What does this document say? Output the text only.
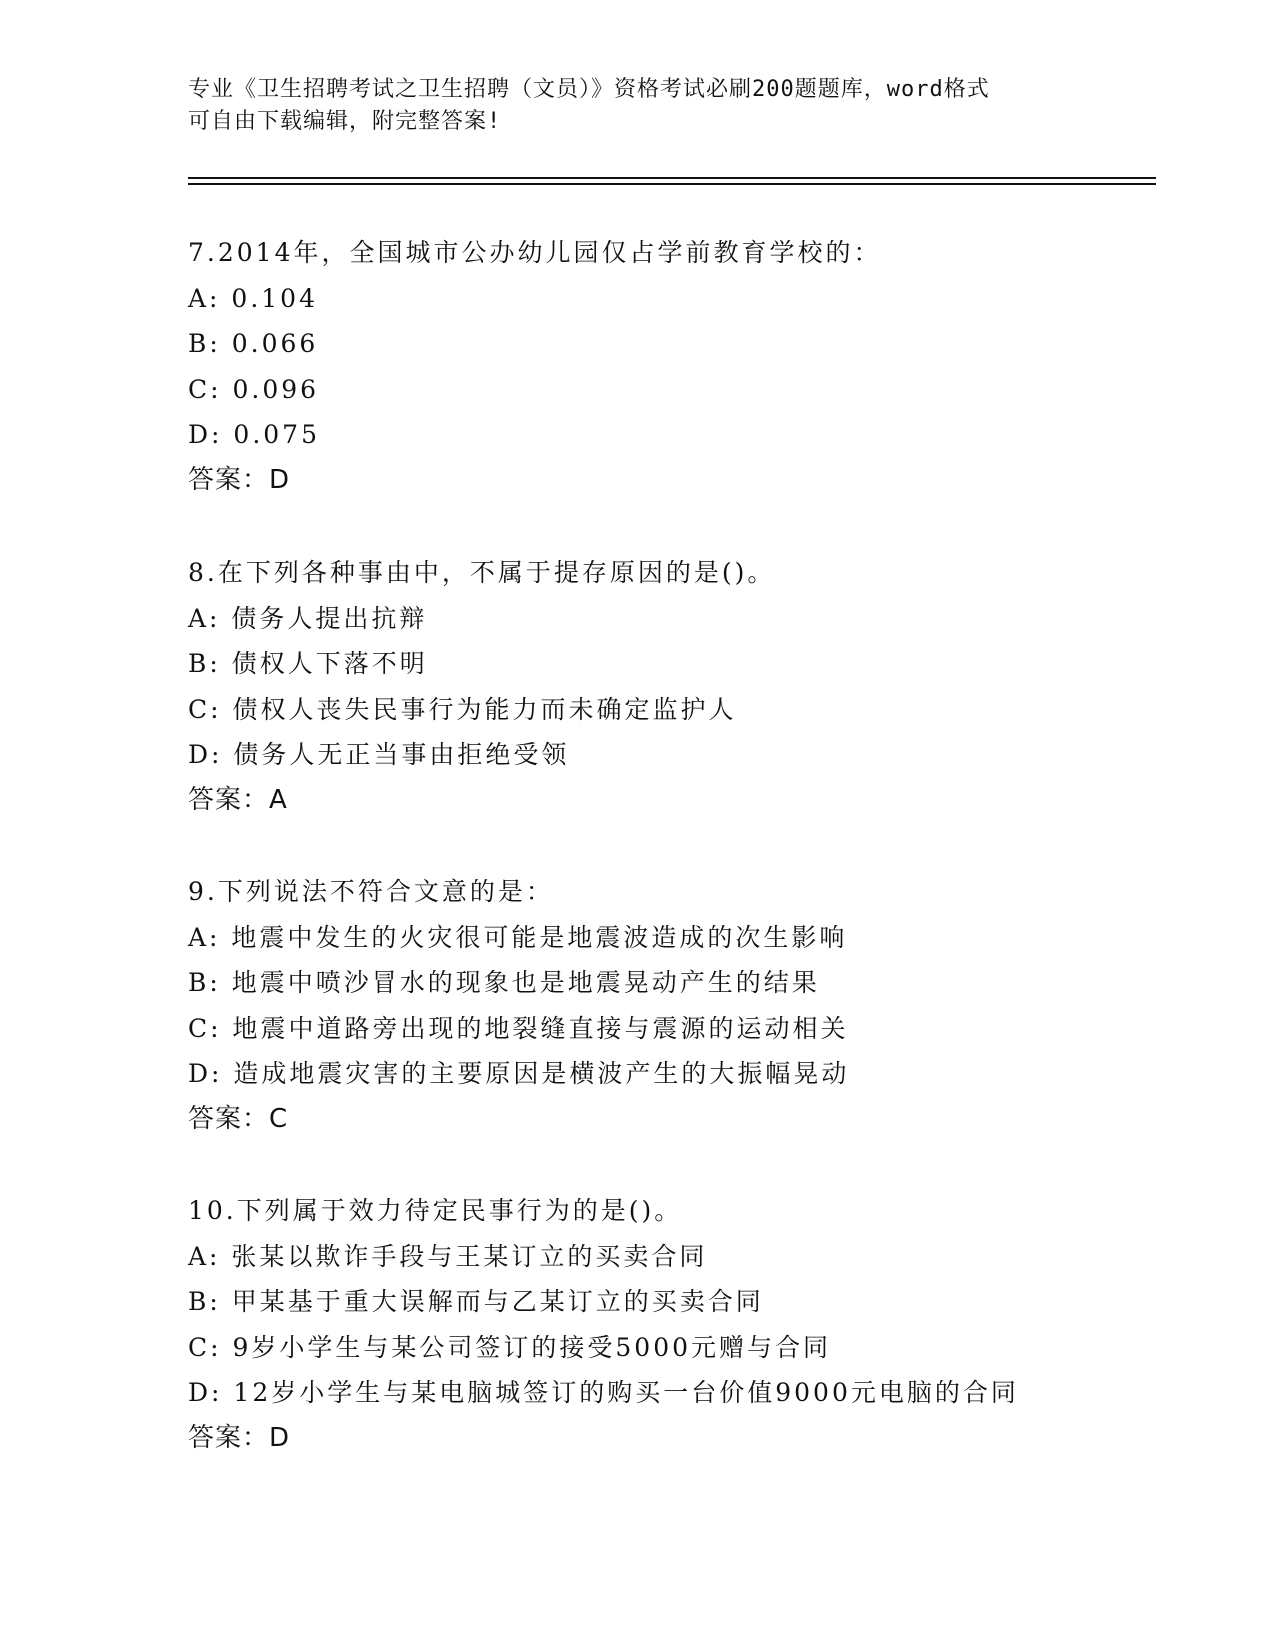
专业《卫生招聘考试之卫生招聘（文员）》资格考试必刷200题题库，word格式
可自由下载编辑，附完整答案!
7.2014年，全国城市公办幼儿园仅占学前教育学校的：
A: 0.104
B: 0.066
C: 0.096
D: 0.075
答案：D
8.在下列各种事由中，不属于提存原因的是()。
A: 债务人提出抗辩
B: 债权人下落不明
C: 债权人丧失民事行为能力而未确定监护人
D: 债务人无正当事由拒绝受领
答案：A
9.下列说法不符合文意的是：
A: 地震中发生的火灾很可能是地震波造成的次生影响
B: 地震中喷沙冒水的现象也是地震晃动产生的结果
C: 地震中道路旁出现的地裂缝直接与震源的运动相关
D: 造成地震灾害的主要原因是横波产生的大振幅晃动
答案：C
10.下列属于效力待定民事行为的是()。
A: 张某以欺诈手段与王某订立的买卖合同
B: 甲某基于重大误解而与乙某订立的买卖合同
C: 9岁小学生与某公司签订的接受5000元赠与合同
D: 12岁小学生与某电脑城签订的购买一台价值9000元电脑的合同
答案：D
